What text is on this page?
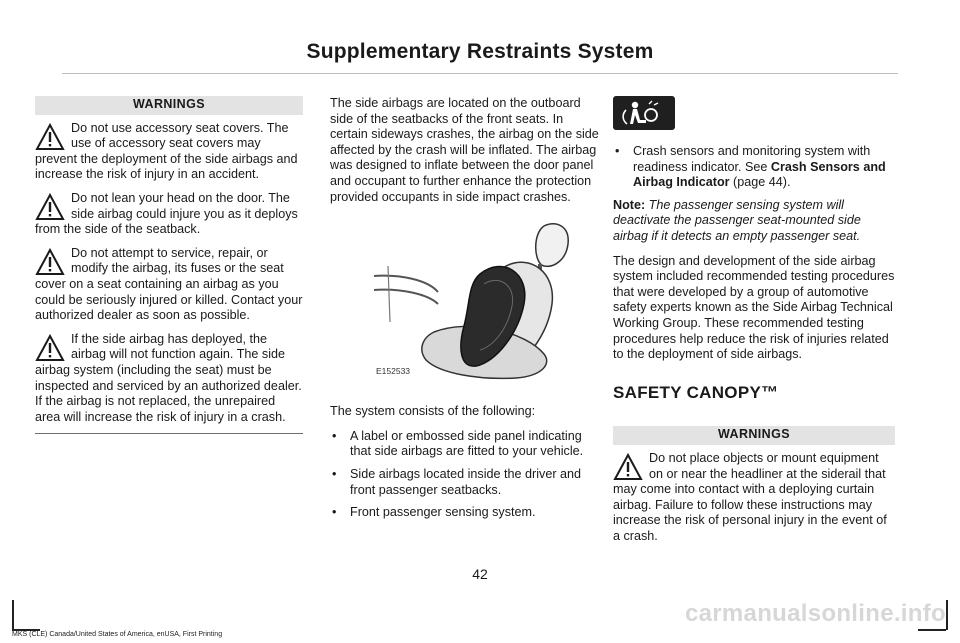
Supplementary Restraints System
WARNINGS
Do not use accessory seat covers. The use of accessory seat covers may prevent the deployment of the side airbags and increase the risk of injury in an accident.
Do not lean your head on the door. The side airbag could injure you as it deploys from the side of the seatback.
Do not attempt to service, repair, or modify the airbag, its fuses or the seat cover on a seat containing an airbag as you could be seriously injured or killed. Contact your authorized dealer as soon as possible.
If the side airbag has deployed, the airbag will not function again. The side airbag system (including the seat) must be inspected and serviced by an authorized dealer. If the airbag is not replaced, the unrepaired area will increase the risk of injury in a crash.

The side airbags are located on the outboard side of the seatbacks of the front seats. In certain sideways crashes, the airbag on the side affected by the crash will be inflated. The airbag was designed to inflate between the door panel and occupant to further enhance the protection provided occupants in side impact crashes.

E152533

The system consists of the following:

• A label or embossed side panel indicating that side airbags are fitted to your vehicle.
• Side airbags located inside the driver and front passenger seatbacks.
• Front passenger sensing system.
• Crash sensors and monitoring system with readiness indicator. See Crash Sensors and Airbag Indicator (page 44).

Note: The passenger sensing system will deactivate the passenger seat-mounted side airbag if it detects an empty passenger seat.

The design and development of the side airbag system included recommended testing procedures that were developed by a group of automotive safety experts known as the Side Airbag Technical Working Group. These recommended testing procedures help reduce the risk of injuries related to the deployment of side airbags.

SAFETY CANOPY™
WARNINGS
Do not place objects or mount equipment on or near the headliner at the siderail that may come into contact with a deploying curtain airbag. Failure to follow these instructions may increase the risk of personal injury in the event of a crash.
42
MKS (CLE) Canada/United States of America, enUSA, First Printing
carmanualsonline.info
